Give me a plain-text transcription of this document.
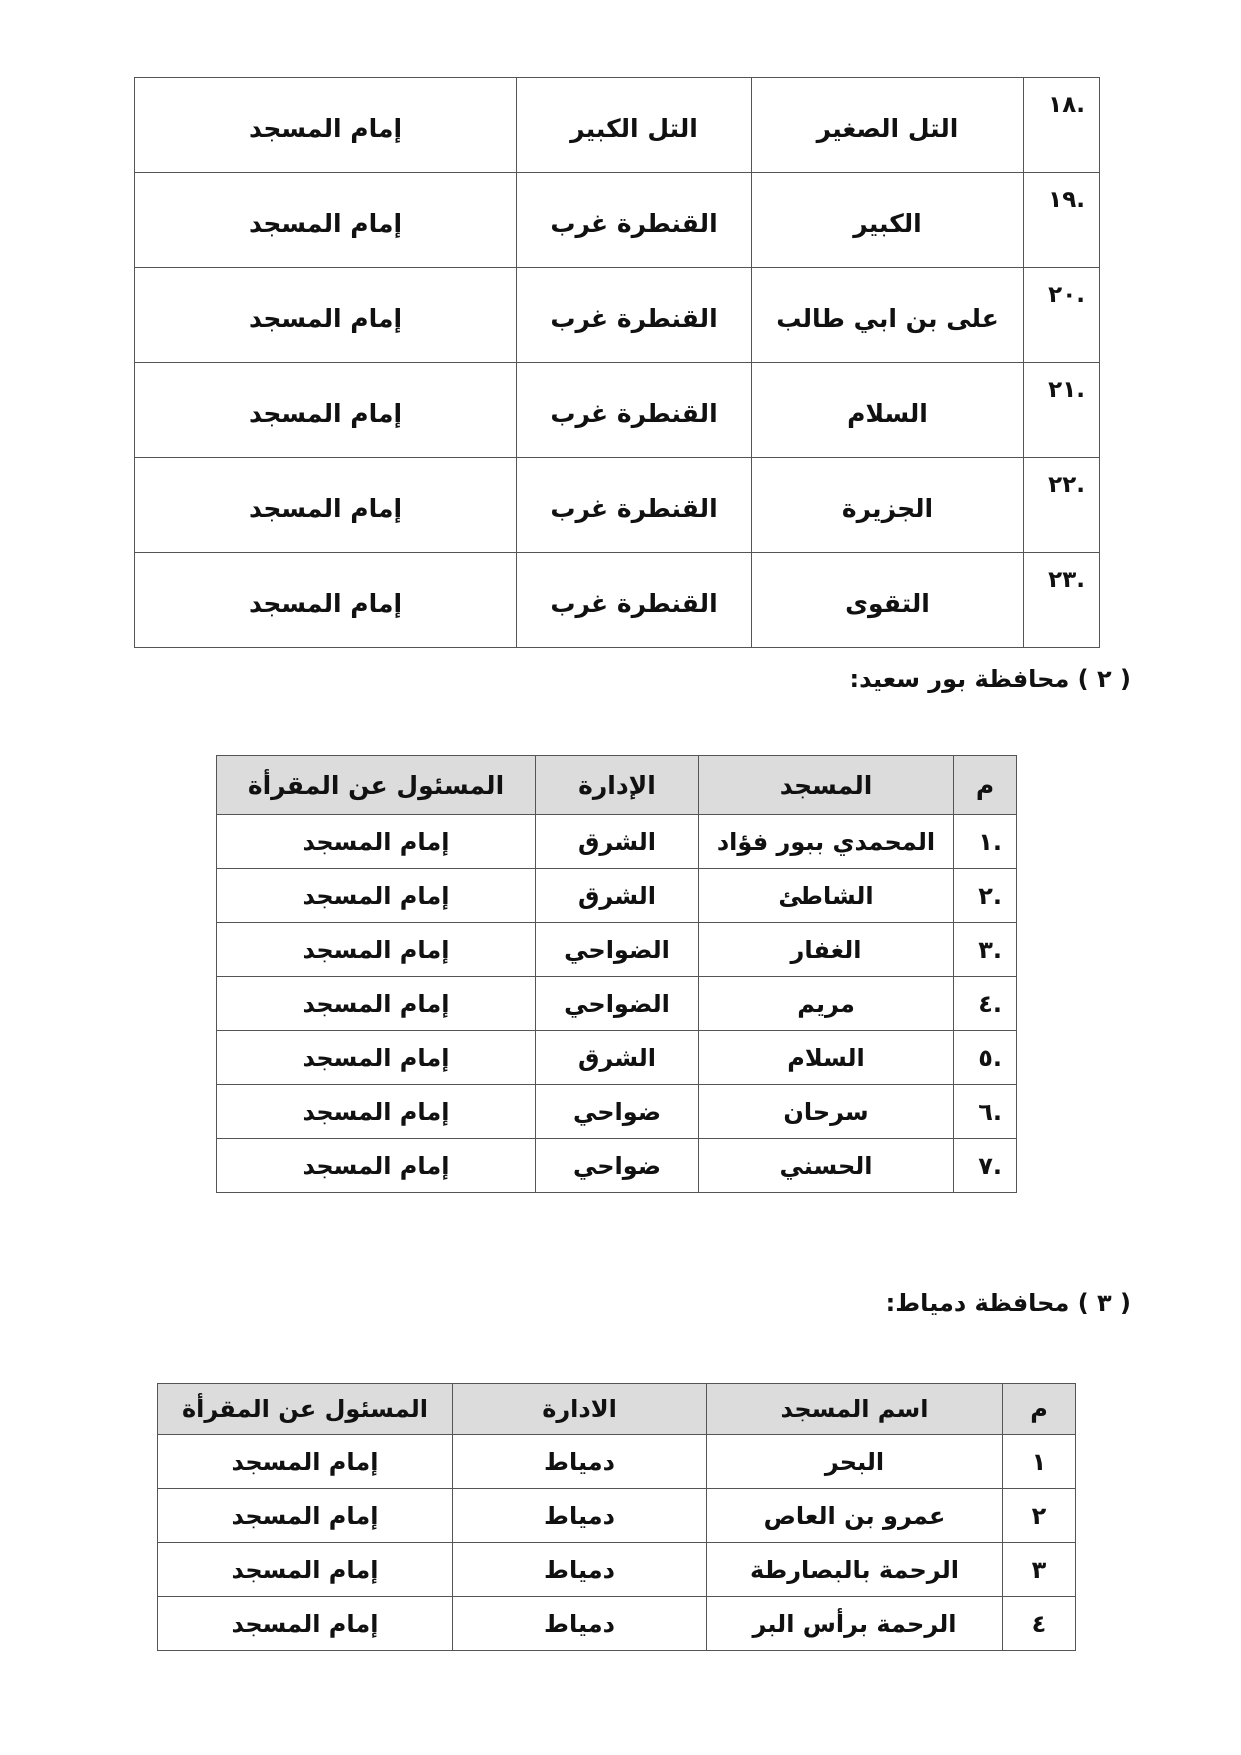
.١٨	التل الصغير	التل الكبير	إمام المسجد
.١٩	الكبير	القنطرة غرب	إمام المسجد
.٢٠	على بن ابي طالب	القنطرة غرب	إمام المسجد
.٢١	السلام	القنطرة غرب	إمام المسجد
.٢٢	الجزيرة	القنطرة غرب	إمام المسجد
.٢٣	التقوى	القنطرة غرب	إمام المسجد
( ٢ ) محافظة بور سعيد:
م	المسجد	الإدارة	المسئول عن المقرأة
.١	المحمدي ببور فؤاد	الشرق	إمام المسجد
.٢	الشاطئ	الشرق	إمام المسجد
.٣	الغفار	الضواحي	إمام المسجد
.٤	مريم	الضواحي	إمام المسجد
.٥	السلام	الشرق	إمام المسجد
.٦	سرحان	ضواحي	إمام المسجد
.٧	الحسني	ضواحي	إمام المسجد
( ٣ ) محافظة دمياط:
م	اسم المسجد	الادارة	المسئول عن المقرأة
١	البحر	دمياط	إمام المسجد
٢	عمرو بن العاص	دمياط	إمام المسجد
٣	الرحمة بالبصارطة	دمياط	إمام المسجد
٤	الرحمة برأس البر	دمياط	إمام المسجد
